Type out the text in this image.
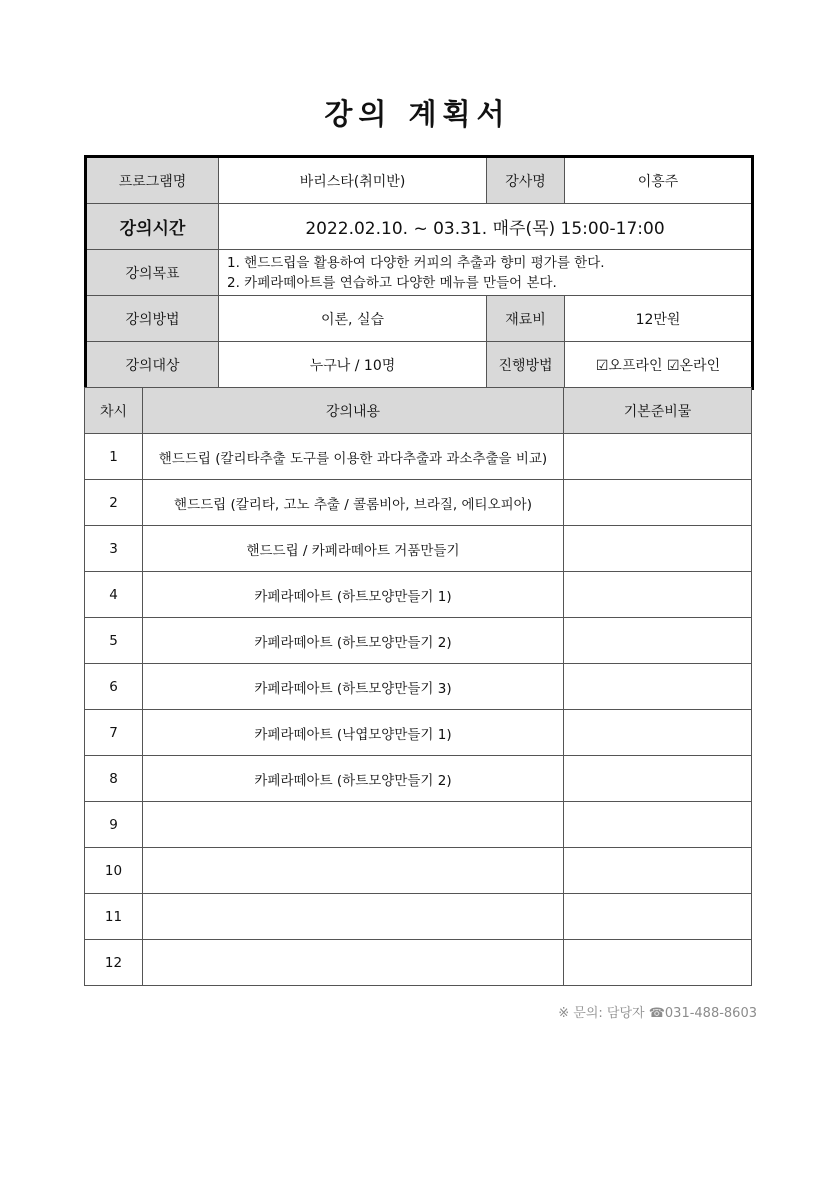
강의 계획서
프로그램명	바리스타(취미반)	강사명	이흥주
강의시간	2022.02.10. ~ 03.31. 매주(목) 15:00-17:00		
강의목표	1. 핸드드립을 활용하여 다양한 커피의 추출과 향미 평가를 한다.
2. 카페라떼아트를 연습하고 다양한 메뉴를 만들어 본다.		

강의방법	이론, 실습	재료비	12만원
강의대상	누구나 / 10명	진행방법	☑오프라인 ☑온라인
차시	강의내용	기본준비물
1	핸드드립 (칼리타추출 도구를 이용한 과다추출과 과소추출을 비교)	
2	핸드드립 (칼리타, 고노 추출 / 콜롬비아, 브라질, 에티오피아)	
3	핸드드립 / 카페라떼아트 거품만들기	
4	카페라떼아트 (하트모양만들기 1)	
5	카페라떼아트 (하트모양만들기 2)	
6	카페라떼아트 (하트모양만들기 3)	
7	카페라떼아트 (낙엽모양만들기 1)	
8	카페라떼아트 (하트모양만들기 2)	
9		
10		
11		
12		
※ 문의: 담당자 ☎031-488-8603
